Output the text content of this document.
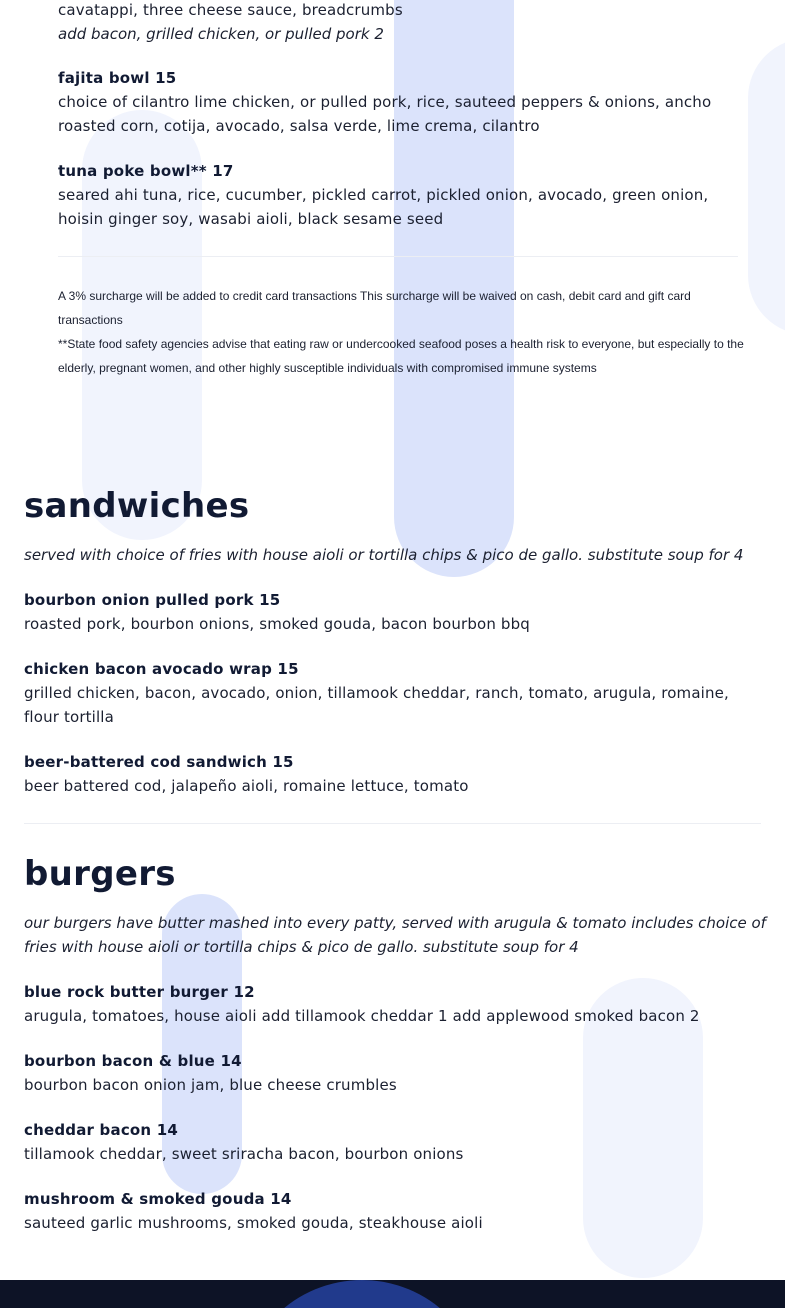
cavatappi, three cheese sauce, breadcrumbs
add bacon, grilled chicken, or pulled pork 2
fajita bowl 15
choice of cilantro lime chicken, or pulled pork, rice, sauteed peppers & onions, ancho roasted corn, cotija, avocado, salsa verde, lime crema, cilantro
tuna poke bowl** 17
seared ahi tuna, rice, cucumber, pickled carrot, pickled onion, avocado, green onion, hoisin ginger soy, wasabi aioli, black sesame seed

A 3% surcharge will be added to credit card transactions This surcharge will be waived on cash, debit card and gift card transactions

**State food safety agencies advise that eating raw or undercooked seafood poses a health risk to everyone, but especially to the elderly, pregnant women, and other highly susceptible individuals with compromised immune systems

sandwiches
served with choice of fries with house aioli or tortilla chips & pico de gallo. substitute soup for 4
bourbon onion pulled pork 15
roasted pork, bourbon onions, smoked gouda, bacon bourbon bbq
chicken bacon avocado wrap 15
grilled chicken, bacon, avocado, onion, tillamook cheddar, ranch, tomato, arugula, romaine, flour tortilla
beer-battered cod sandwich 15
beer battered cod, jalapeño aioli, romaine lettuce, tomato
burgers
our burgers have butter mashed into every patty, served with arugula & tomato includes choice of fries with house aioli or tortilla chips & pico de gallo. substitute soup for 4
blue rock butter burger 12
arugula, tomatoes, house aioli add tillamook cheddar 1 add applewood smoked bacon 2
bourbon bacon & blue 14
bourbon bacon onion jam, blue cheese crumbles
cheddar bacon 14
tillamook cheddar, sweet sriracha bacon, bourbon onions
mushroom & smoked gouda 14
sauteed garlic mushrooms, smoked gouda, steakhouse aioli
